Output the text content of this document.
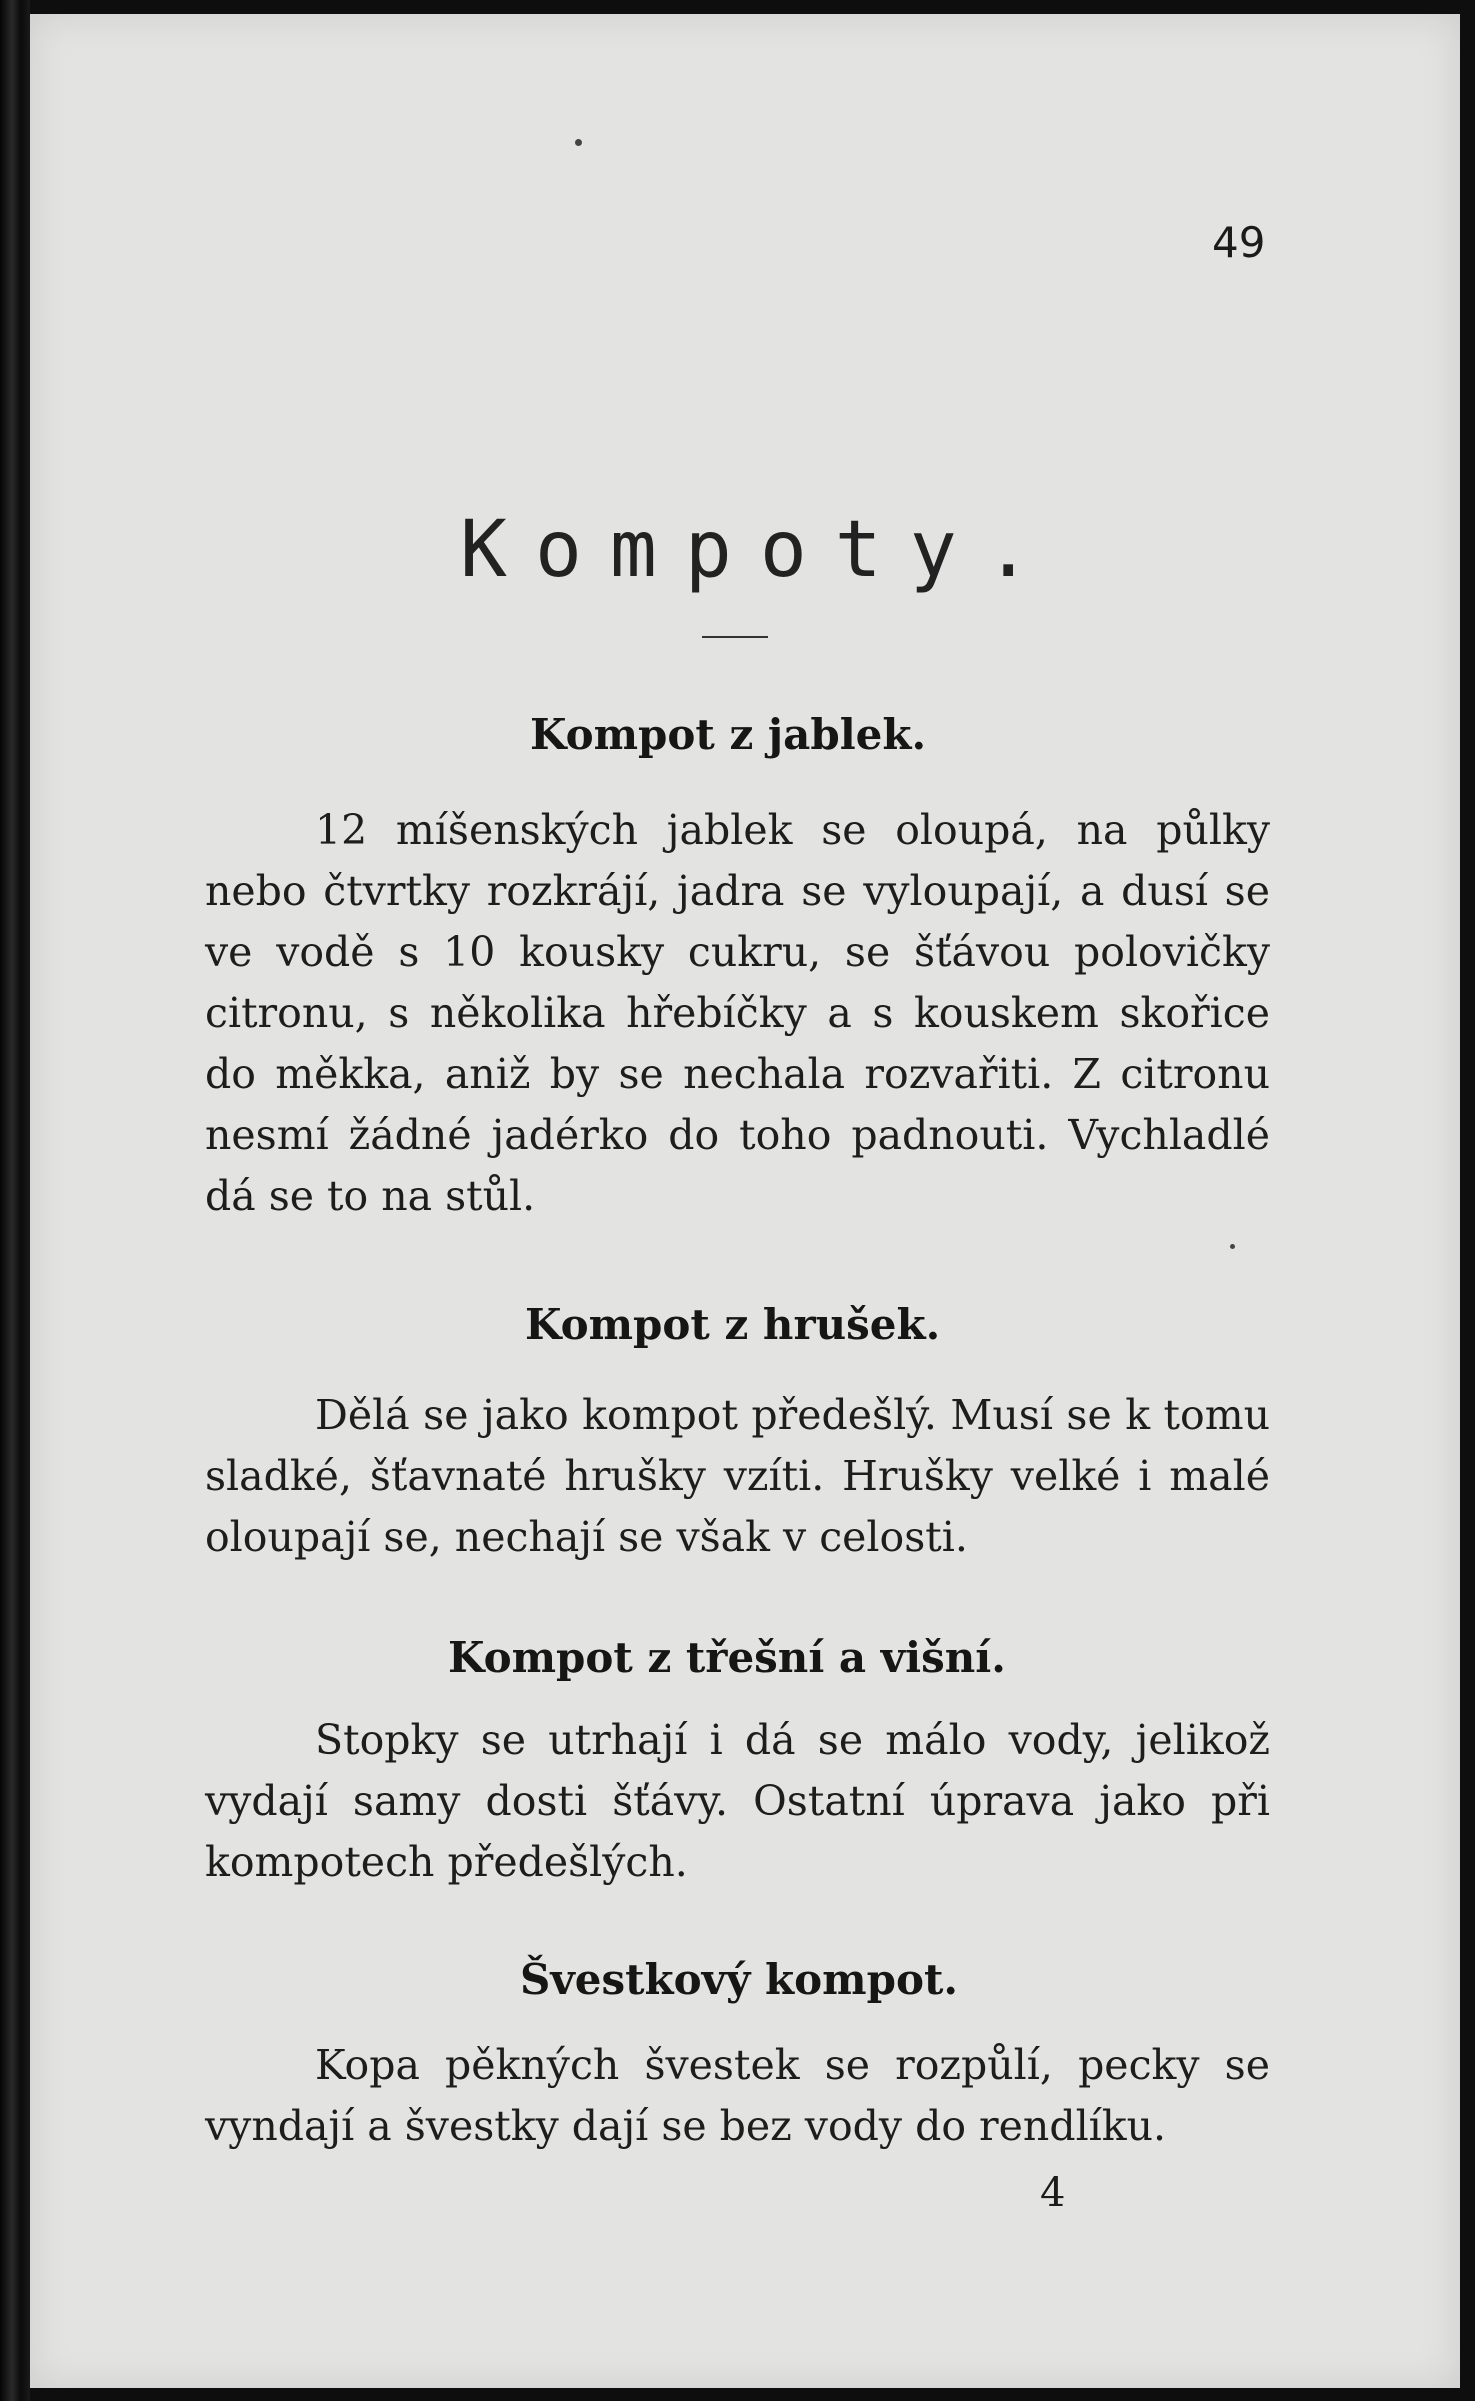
49
Kompoty.
Kompot z jablek.

12 míšenských jablek se oloupá, na půlky nebo čtvrtky rozkrájí, jadra se vyloupají, a dusí se ve vodě s 10 kousky cukru, se šťávou polovičky citronu, s několika hřebíčky a s kouskem skořice do měkka, aniž by se nechala rozvařiti. Z citronu nesmí žádné jadérko do toho padnouti. Vychladlé dá se to na stůl.

Kompot z hrušek.

Dělá se jako kompot předešlý. Musí se k tomu sladké, šťavnaté hrušky vzíti. Hrušky velké i malé oloupají se, nechají se však v celosti.

Kompot z třešní a višní.

Stopky se utrhají i dá se málo vody, jelikož vydají samy dosti šťávy. Ostatní úprava jako při kompotech předešlých.

Švestkový kompot.

Kopa pěkných švestek se rozpůlí, pecky se vyndají a švestky dají se bez vody do rendlíku.

4
